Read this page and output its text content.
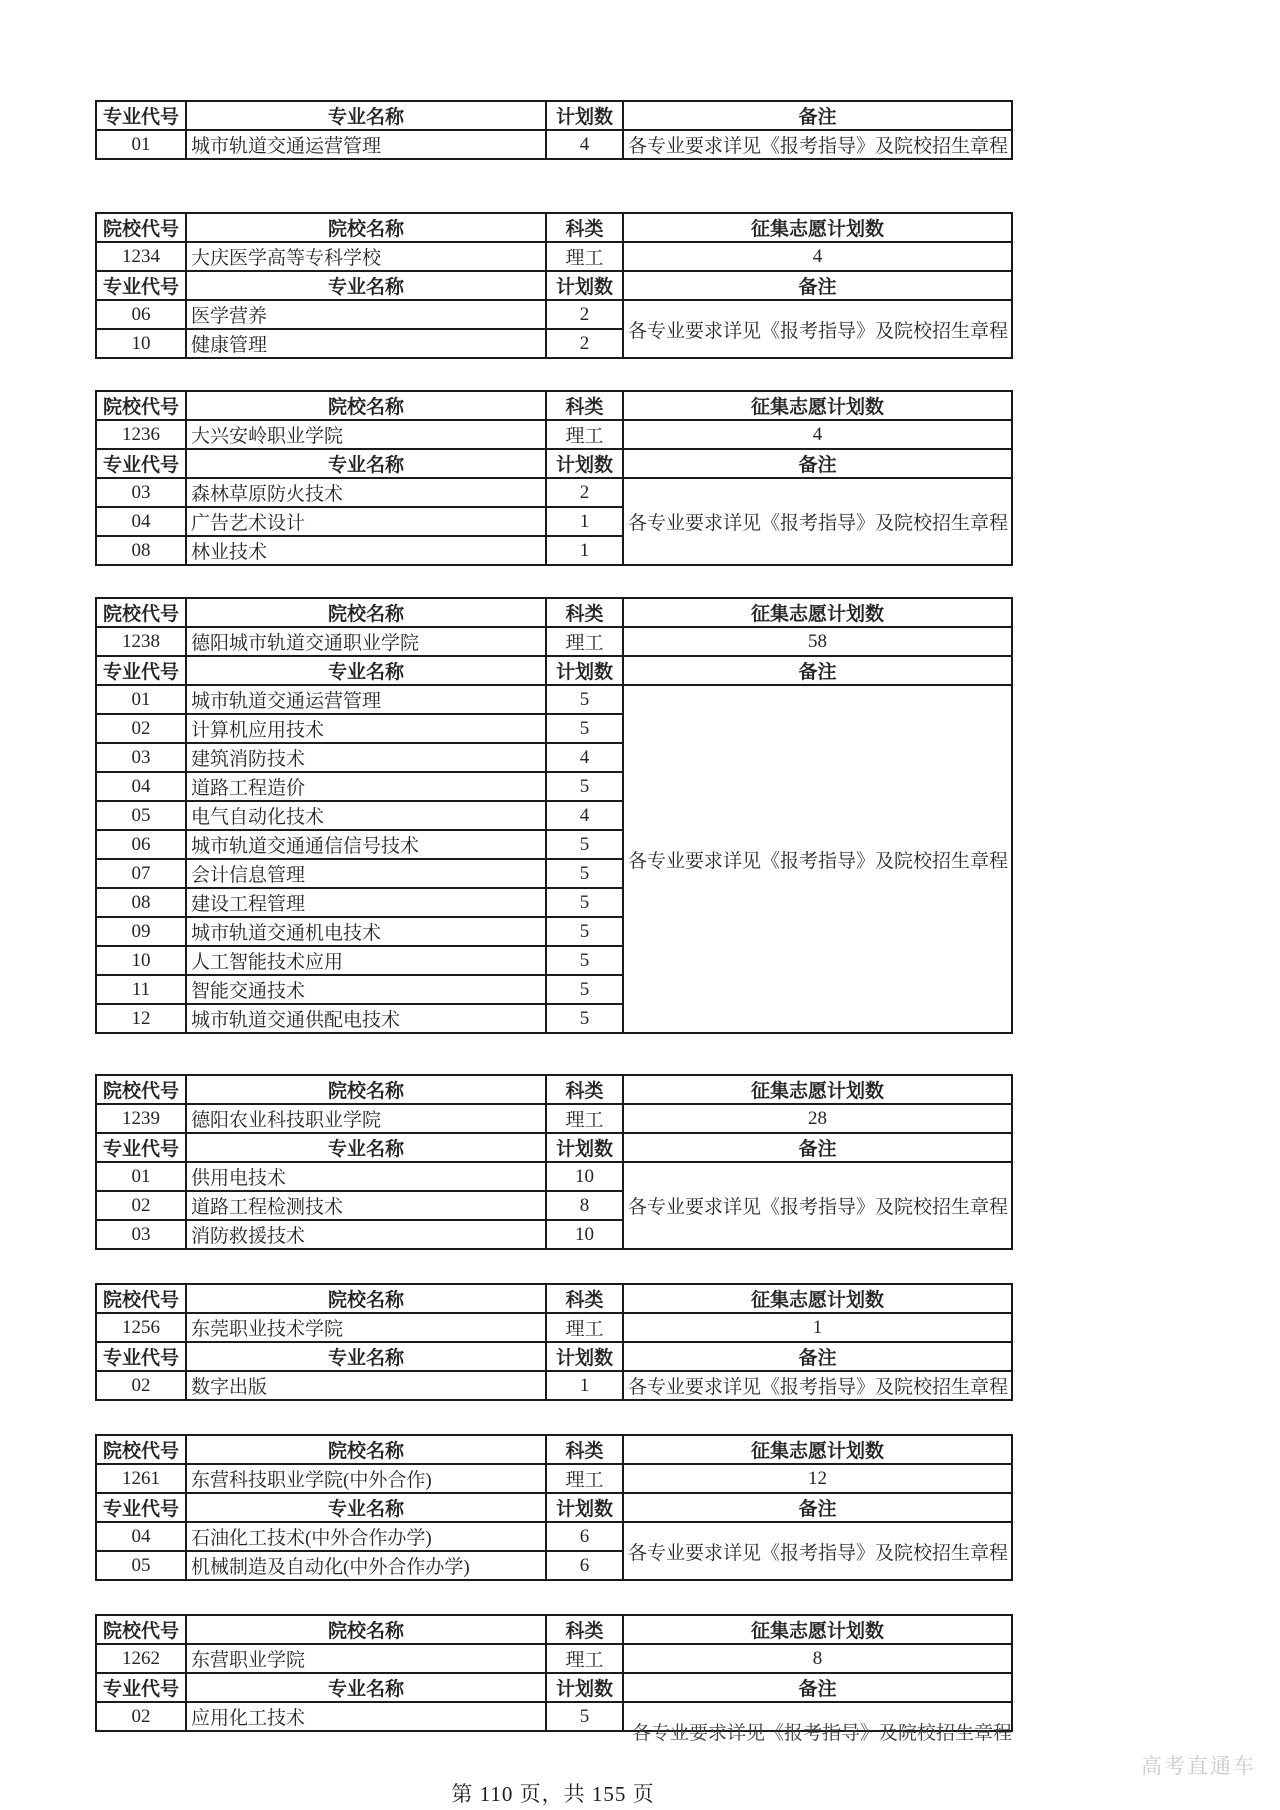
专业代号	专业名称	计划数	备注
01	城市轨道交通运营管理	4	各专业要求详见《报考指导》及院校招生章程
院校代号	院校名称	科类	征集志愿计划数
1234	大庆医学高等专科学校	理工	4
专业代号	专业名称	计划数	备注
06	医学营养	2	各专业要求详见《报考指导》及院校招生章程
10	健康管理	2	
院校代号	院校名称	科类	征集志愿计划数
1236	大兴安岭职业学院	理工	4
专业代号	专业名称	计划数	备注
03	森林草原防火技术	2	各专业要求详见《报考指导》及院校招生章程
04	广告艺术设计	1	
08	林业技术	1	
院校代号	院校名称	科类	征集志愿计划数
1238	德阳城市轨道交通职业学院	理工	58
专业代号	专业名称	计划数	备注
01	城市轨道交通运营管理	5	各专业要求详见《报考指导》及院校招生章程
02	计算机应用技术	5	
03	建筑消防技术	4	
04	道路工程造价	5	
05	电气自动化技术	4	
06	城市轨道交通通信信号技术	5	
07	会计信息管理	5	
08	建设工程管理	5	
09	城市轨道交通机电技术	5	
10	人工智能技术应用	5	
11	智能交通技术	5	
12	城市轨道交通供配电技术	5	
院校代号	院校名称	科类	征集志愿计划数
1239	德阳农业科技职业学院	理工	28
专业代号	专业名称	计划数	备注
01	供用电技术	10	各专业要求详见《报考指导》及院校招生章程
02	道路工程检测技术	8	
03	消防救援技术	10	
院校代号	院校名称	科类	征集志愿计划数
1256	东莞职业技术学院	理工	1
专业代号	专业名称	计划数	备注
02	数字出版	1	各专业要求详见《报考指导》及院校招生章程
院校代号	院校名称	科类	征集志愿计划数
1261	东营科技职业学院(中外合作)	理工	12
专业代号	专业名称	计划数	备注
04	石油化工技术(中外合作办学)	6	各专业要求详见《报考指导》及院校招生章程
05	机械制造及自动化(中外合作办学)	6	
院校代号	院校名称	科类	征集志愿计划数
1262	东营职业学院	理工	8
专业代号	专业名称	计划数	备注
02	应用化工技术	5	各专业要求详见《报考指导》及院校招生章程
第 110 页，共 155 页
高考直通车
